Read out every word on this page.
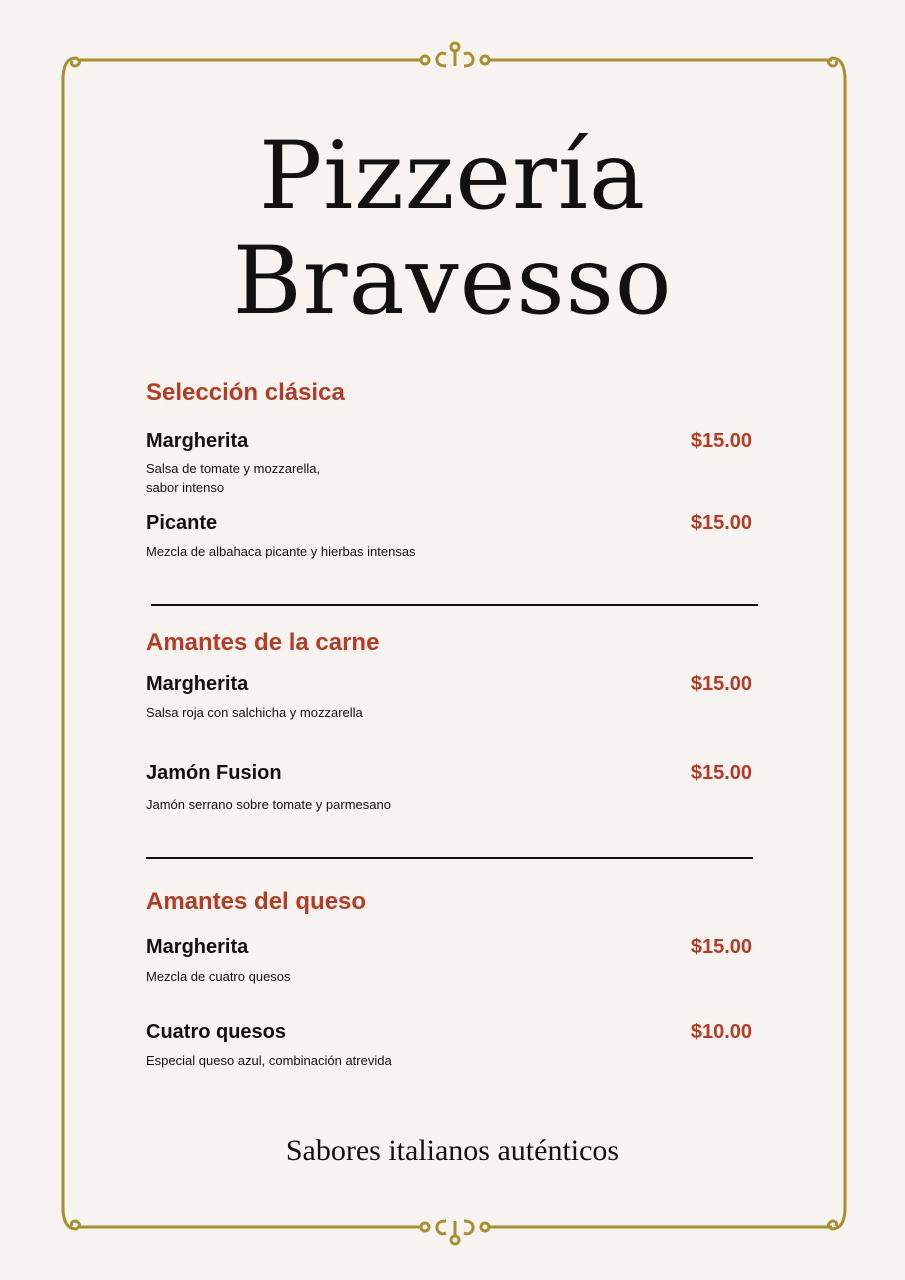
Pizzería
Bravesso
Selección clásica
Margherita	$15.00
Salsa de tomate y mozzarella,
sabor intenso
Picante	$15.00
Mezcla de albahaca picante y hierbas intensas
Amantes de la carne
Margherita	$15.00
Salsa roja con salchicha y mozzarella
Jamón Fusion	$15.00
Jamón serrano sobre tomate y parmesano
Amantes del queso
Margherita	$15.00
Mezcla de cuatro quesos
Cuatro quesos	$10.00
Especial queso azul, combinación atrevida
Sabores italianos auténticos
